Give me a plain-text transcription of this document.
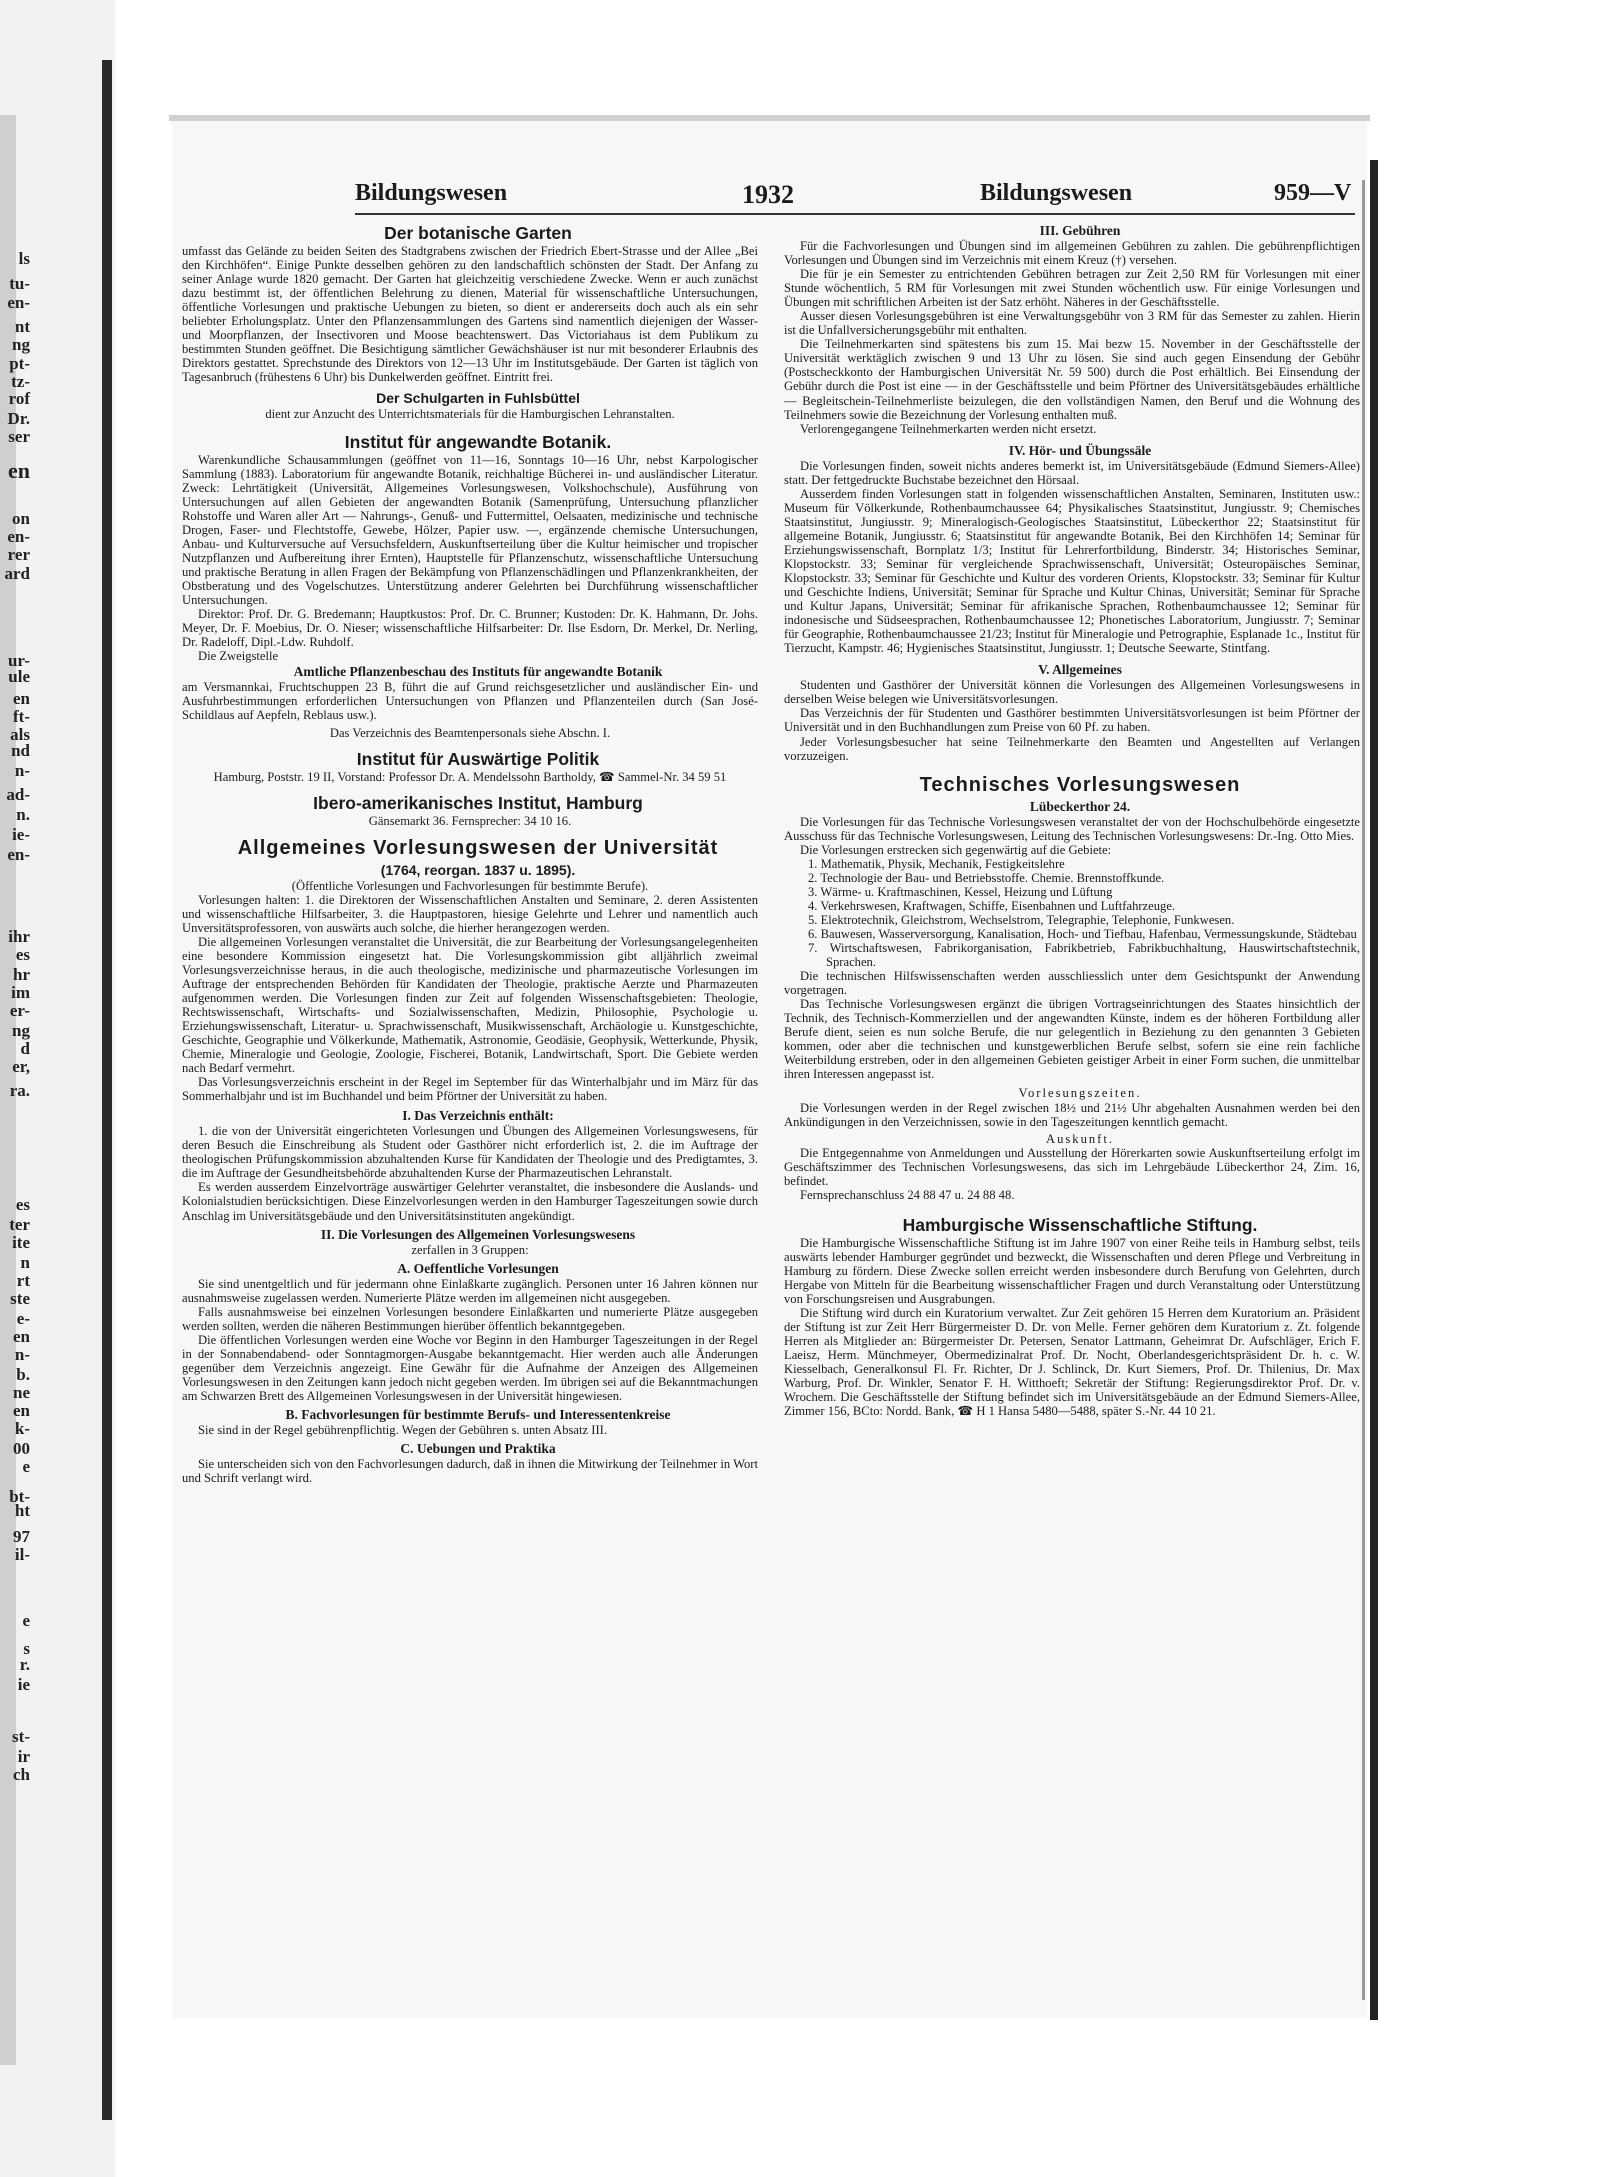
ls
tu-
en-
nt
ng
pt-
tz-
rof
Dr.
ser
en
on
en-
rer
ard
ur-
ule
en
ft-
als
nd
n-
ad-
n.
ie-
en-
ihr
es
hr
im
er-
ng
d
er,
ra.
es
ter
ite
n
rt
ste
e-
en
n-
b.
ne
en
k-
00
e
bt-
ht
97
il-
e
s
r.
ie
st-
ir
ch
Bildungswesen	1932	Bildungswesen	959—V

Der botanische Garten

umfasst das Gelände zu beiden Seiten des Stadtgrabens zwischen der Friedrich Ebert-Strasse und der Allee „Bei den Kirchhöfen“. Einige Punkte desselben gehören zu den landschaftlich schönsten der Stadt. Der Anfang zu seiner Anlage wurde 1820 gemacht. Der Garten hat gleichzeitig verschiedene Zwecke. Wenn er auch zunächst dazu bestimmt ist, der öffentlichen Belehrung zu dienen, Material für wissenschaftliche Untersuchungen, öffentliche Vorlesungen und praktische Uebungen zu bieten, so dient er andererseits doch auch als ein sehr beliebter Erholungsplatz. Unter den Pflanzensammlungen des Gartens sind namentlich diejenigen der Wasser- und Moorpflanzen, der Insectivoren und Moose beachtenswert. Das Victoriahaus ist dem Publikum zu bestimmten Stunden geöffnet. Die Besichtigung sämtlicher Gewächshäuser ist nur mit besonderer Erlaubnis des Direktors gestattet. Sprechstunde des Direktors von 12—13 Uhr im Institutsgebäude. Der Garten ist täglich von Tagesanbruch (frühestens 6 Uhr) bis Dunkelwerden geöffnet. Eintritt frei.

Der Schulgarten in Fuhlsbüttel

dient zur Anzucht des Unterrichtsmaterials für die Hamburgischen Lehranstalten.

Institut für angewandte Botanik.

Warenkundliche Schausammlungen (geöffnet von 11—16, Sonntags 10—16 Uhr, nebst Karpologischer Sammlung (1883). Laboratorium für angewandte Botanik, reichhaltige Bücherei in- und ausländischer Literatur. Zweck: Lehrtätigkeit (Universität, Allgemeines Vorlesungswesen, Volkshochschule), Ausführung von Untersuchungen auf allen Gebieten der angewandten Botanik (Samenprüfung, Untersuchung pflanzlicher Rohstoffe und Waren aller Art — Nahrungs-, Genuß- und Futtermittel, Oelsaaten, medizinische und technische Drogen, Faser- und Flechtstoffe, Gewebe, Hölzer, Papier usw. —, ergänzende chemische Untersuchungen, Anbau- und Kulturversuche auf Versuchsfeldern, Auskunftserteilung über die Kultur heimischer und tropischer Nutzpflanzen und Aufbereitung ihrer Ernten), Hauptstelle für Pflanzenschutz, wissenschaftliche Untersuchung und praktische Beratung in allen Fragen der Bekämpfung von Pflanzenschädlingen und Pflanzenkrankheiten, der Obstberatung und des Vogelschutzes. Unterstützung anderer Gelehrten bei Durchführung wissenschaftlicher Untersuchungen.

Direktor: Prof. Dr. G. Bredemann; Hauptkustos: Prof. Dr. C. Brunner; Kustoden: Dr. K. Hahmann, Dr. Johs. Meyer, Dr. F. Moebius, Dr. O. Nieser; wissenschaftliche Hilfsarbeiter: Dr. Ilse Esdorn, Dr. Merkel, Dr. Nerling, Dr. Radeloff, Dipl.-Ldw. Ruhdolf.

Die Zweigstelle

Amtliche Pflanzenbeschau des Instituts für angewandte Botanik

am Versmannkai, Fruchtschuppen 23 B, führt die auf Grund reichsgesetzlicher und ausländischer Ein- und Ausfuhrbestimmungen erforderlichen Untersuchungen von Pflanzen und Pflanzenteilen durch (San José-Schildlaus auf Aepfeln, Reblaus usw.).

Das Verzeichnis des Beamtenpersonals siehe Abschn. I.

Institut für Auswärtige Politik

Hamburg, Poststr. 19 II, Vorstand: Professor Dr. A. Mendelssohn Bartholdy, ☎ Sammel-Nr. 34 59 51

Ibero-amerikanisches Institut, Hamburg

Gänsemarkt 36. Fernsprecher: 34 10 16.

Allgemeines Vorlesungswesen der Universität

(1764, reorgan. 1837 u. 1895).

(Öffentliche Vorlesungen und Fachvorlesungen für bestimmte Berufe).

Vorlesungen halten: 1. die Direktoren der Wissenschaftlichen Anstalten und Seminare, 2. deren Assistenten und wissenschaftliche Hilfsarbeiter, 3. die Hauptpastoren, hiesige Gelehrte und Lehrer und namentlich auch Unversitätsprofessoren, von auswärts auch solche, die hierher herangezogen werden.

Die allgemeinen Vorlesungen veranstaltet die Universität, die zur Bearbeitung der Vorlesungsangelegenheiten eine besondere Kommission eingesetzt hat. Die Vorlesungskommission gibt alljährlich zweimal Vorlesungsverzeichnisse heraus, in die auch theologische, medizinische und pharmazeutische Vorlesungen im Auftrage der entsprechenden Behörden für Kandidaten der Theologie, praktische Aerzte und Pharmazeuten aufgenommen werden. Die Vorlesungen finden zur Zeit auf folgenden Wissenschaftsgebieten: Theologie, Rechtswissenschaft, Wirtschafts- und Sozialwissenschaften, Medizin, Philosophie, Psychologie u. Erziehungswissenschaft, Literatur- u. Sprachwissenschaft, Musikwissenschaft, Archäologie u. Kunstgeschichte, Geschichte, Geographie und Völkerkunde, Mathematik, Astronomie, Geodäsie, Geophysik, Wetterkunde, Physik, Chemie, Mineralogie und Geologie, Zoologie, Fischerei, Botanik, Landwirtschaft, Sport. Die Gebiete werden nach Bedarf vermehrt.

Das Vorlesungsverzeichnis erscheint in der Regel im September für das Winterhalbjahr und im März für das Sommerhalbjahr und ist im Buchhandel und beim Pförtner der Universität zu haben.

I. Das Verzeichnis enthält:

1. die von der Universität eingerichteten Vorlesungen und Übungen des Allgemeinen Vorlesungswesens, für deren Besuch die Einschreibung als Student oder Gasthörer nicht erforderlich ist, 2. die im Auftrage der theologischen Prüfungskommission abzuhaltenden Kurse für Kandidaten der Theologie und des Predigtamtes, 3. die im Auftrage der Gesundheitsbehörde abzuhaltenden Kurse der Pharmazeutischen Lehranstalt.

Es werden ausserdem Einzelvorträge auswärtiger Gelehrter veranstaltet, die insbesondere die Auslands- und Kolonialstudien berücksichtigen. Diese Einzelvorlesungen werden in den Hamburger Tageszeitungen sowie durch Anschlag im Universitätsgebäude und den Universitätsinstituten angekündigt.

II. Die Vorlesungen des Allgemeinen Vorlesungswesens

zerfallen in 3 Gruppen:

A. Oeffentliche Vorlesungen

Sie sind unentgeltlich und für jedermann ohne Einlaßkarte zugänglich. Personen unter 16 Jahren können nur ausnahmsweise zugelassen werden. Numerierte Plätze werden im allgemeinen nicht ausgegeben.

Falls ausnahmsweise bei einzelnen Vorlesungen besondere Einlaßkarten und numerierte Plätze ausgegeben werden sollten, werden die näheren Bestimmungen hierüber öffentlich bekanntgegeben.

Die öffentlichen Vorlesungen werden eine Woche vor Beginn in den Hamburger Tageszeitungen in der Regel in der Sonnabendabend- oder Sonntagmorgen-Ausgabe bekanntgemacht. Hier werden auch alle Änderungen gegenüber dem Verzeichnis angezeigt. Eine Gewähr für die Aufnahme der Anzeigen des Allgemeinen Vorlesungswesen in den Zeitungen kann jedoch nicht gegeben werden. Im übrigen sei auf die Bekanntmachungen am Schwarzen Brett des Allgemeinen Vorlesungswesen in der Universität hingewiesen.

B. Fachvorlesungen für bestimmte Berufs- und Interessentenkreise

Sie sind in der Regel gebührenpflichtig. Wegen der Gebühren s. unten Absatz III.

C. Uebungen und Praktika

Sie unterscheiden sich von den Fachvorlesungen dadurch, daß in ihnen die Mitwirkung der Teilnehmer in Wort und Schrift verlangt wird.

III. Gebühren

Für die Fachvorlesungen und Übungen sind im allgemeinen Gebühren zu zahlen. Die gebührenpflichtigen Vorlesungen und Übungen sind im Verzeichnis mit einem Kreuz (†) versehen.

Die für je ein Semester zu entrichtenden Gebühren betragen zur Zeit 2,50 RM für Vorlesungen mit einer Stunde wöchentlich, 5 RM für Vorlesungen mit zwei Stunden wöchentlich usw. Für einige Vorlesungen und Übungen mit schriftlichen Arbeiten ist der Satz erhöht. Näheres in der Geschäftsstelle.

Ausser diesen Vorlesungsgebühren ist eine Verwaltungsgebühr von 3 RM für das Semester zu zahlen. Hierin ist die Unfallversicherungsgebühr mit enthalten.

Die Teilnehmerkarten sind spätestens bis zum 15. Mai bezw 15. November in der Geschäftsstelle der Universität werktäglich zwischen 9 und 13 Uhr zu lösen. Sie sind auch gegen Einsendung der Gebühr (Postscheckkonto der Hamburgischen Universität Nr. 59 500) durch die Post erhältlich. Bei Einsendung der Gebühr durch die Post ist eine — in der Geschäftsstelle und beim Pförtner des Universitätsgebäudes erhältliche — Begleitschein-Teilnehmerliste beizulegen, die den vollständigen Namen, den Beruf und die Wohnung des Teilnehmers sowie die Bezeichnung der Vorlesung enthalten muß.

Verlorengegangene Teilnehmerkarten werden nicht ersetzt.

IV. Hör- und Übungssäle

Die Vorlesungen finden, soweit nichts anderes bemerkt ist, im Universitätsgebäude (Edmund Siemers-Allee) statt. Der fettgedruckte Buchstabe bezeichnet den Hörsaal.

Ausserdem finden Vorlesungen statt in folgenden wissenschaftlichen Anstalten, Seminaren, Instituten usw.: Museum für Völkerkunde, Rothenbaumchaussee 64; Physikalisches Staatsinstitut, Jungiusstr. 9; Chemisches Staatsinstitut, Jungiusstr. 9; Mineralogisch-Geologisches Staatsinstitut, Lübeckerthor 22; Staatsinstitut für allgemeine Botanik, Jungiusstr. 6; Staatsinstitut für angewandte Botanik, Bei den Kirchhöfen 14; Seminar für Erziehungswissenschaft, Bornplatz 1/3; Institut für Lehrerfortbildung, Binderstr. 34; Historisches Seminar, Klopstockstr. 33; Seminar für vergleichende Sprachwissenschaft, Universität; Osteuropäisches Seminar, Klopstockstr. 33; Seminar für Geschichte und Kultur des vorderen Orients, Klopstockstr. 33; Seminar für Kultur und Geschichte Indiens, Universität; Seminar für Sprache und Kultur Chinas, Universität; Seminar für Sprache und Kultur Japans, Universität; Seminar für afrikanische Sprachen, Rothenbaumchaussee 12; Seminar für indonesische und Südseesprachen, Rothenbaumchaussee 12; Phonetisches Laboratorium, Jungiusstr. 7; Seminar für Geographie, Rothenbaumchaussee 21/23; Institut für Mineralogie und Petrographie, Esplanade 1c., Institut für Tierzucht, Kampstr. 46; Hygienisches Staatsinstitut, Jungiusstr. 1; Deutsche Seewarte, Stintfang.

V. Allgemeines

Studenten und Gasthörer der Universität können die Vorlesungen des Allgemeinen Vorlesungswesens in derselben Weise belegen wie Universitätsvorlesungen.

Das Verzeichnis der für Studenten und Gasthörer bestimmten Universitätsvorlesungen ist beim Pförtner der Universität und in den Buchhandlungen zum Preise von 60 Pf. zu haben.

Jeder Vorlesungsbesucher hat seine Teilnehmerkarte den Beamten und Angestellten auf Verlangen vorzuzeigen.

Technisches Vorlesungswesen

Lübeckerthor 24.

Die Vorlesungen für das Technische Vorlesungswesen veranstaltet der von der Hochschulbehörde eingesetzte Ausschuss für das Technische Vorlesungswesen, Leitung des Technischen Vorlesungswesens: Dr.-Ing. Otto Mies.

Die Vorlesungen erstrecken sich gegenwärtig auf die Gebiete:

1. Mathematik, Physik, Mechanik, Festigkeitslehre
2. Technologie der Bau- und Betriebsstoffe. Chemie. Brennstoffkunde.
3. Wärme- u. Kraftmaschinen, Kessel, Heizung und Lüftung
4. Verkehrswesen, Kraftwagen, Schiffe, Eisenbahnen und Luftfahrzeuge.
5. Elektrotechnik, Gleichstrom, Wechselstrom, Telegraphie, Telephonie, Funkwesen.
6. Bauwesen, Wasserversorgung, Kanalisation, Hoch- und Tiefbau, Hafenbau, Vermessungskunde, Städtebau
7. Wirtschaftswesen, Fabrikorganisation, Fabrikbetrieb, Fabrikbuchhaltung, Hauswirtschaftstechnik, Sprachen.

Die technischen Hilfswissenschaften werden ausschliesslich unter dem Gesichtspunkt der Anwendung vorgetragen.

Das Technische Vorlesungswesen ergänzt die übrigen Vortragseinrichtungen des Staates hinsichtlich der Technik, des Technisch-Kommerziellen und der angewandten Künste, indem es der höheren Fortbildung aller Berufe dient, seien es nun solche Berufe, die nur gelegentlich in Beziehung zu den genannten 3 Gebieten kommen, oder aber die technischen und kunstgewerblichen Berufe selbst, sofern sie eine rein fachliche Weiterbildung erstreben, oder in den allgemeinen Gebieten geistiger Arbeit in einer Form suchen, die unmittelbar ihren Interessen angepasst ist.

Vorlesungszeiten.

Die Vorlesungen werden in der Regel zwischen 18½ und 21½ Uhr abgehalten Ausnahmen werden bei den Ankündigungen in den Verzeichnissen, sowie in den Tageszeitungen kenntlich gemacht.

Auskunft.

Die Entgegennahme von Anmeldungen und Ausstellung der Hörerkarten sowie Auskunftserteilung erfolgt im Geschäftszimmer des Technischen Vorlesungswesens, das sich im Lehrgebäude Lübeckerthor 24, Zim. 16, befindet.

Fernsprechanschluss 24 88 47 u. 24 88 48.

Hamburgische Wissenschaftliche Stiftung.

Die Hamburgische Wissenschaftliche Stiftung ist im Jahre 1907 von einer Reihe teils in Hamburg selbst, teils auswärts lebender Hamburger gegründet und bezweckt, die Wissenschaften und deren Pflege und Verbreitung in Hamburg zu fördern. Diese Zwecke sollen erreicht werden insbesondere durch Berufung von Gelehrten, durch Hergabe von Mitteln für die Bearbeitung wissenschaftlicher Fragen und durch Veranstaltung oder Unterstützung von Forschungsreisen und Ausgrabungen.

Die Stiftung wird durch ein Kuratorium verwaltet. Zur Zeit gehören 15 Herren dem Kuratorium an. Präsident der Stiftung ist zur Zeit Herr Bürgermeister D. Dr. von Melle. Ferner gehören dem Kuratorium z. Zt. folgende Herren als Mitglieder an: Bürgermeister Dr. Petersen, Senator Lattmann, Geheimrat Dr. Aufschläger, Erich F. Laeisz, Herm. Münchmeyer, Obermedizinalrat Prof. Dr. Nocht, Oberlandesgerichtspräsident Dr. h. c. W. Kiesselbach, Generalkonsul Fl. Fr. Richter, Dr J. Schlinck, Dr. Kurt Siemers, Prof. Dr. Thilenius, Dr. Max Warburg, Prof. Dr. Winkler, Senator F. H. Witthoeft; Sekretär der Stiftung: Regierungsdirektor Prof. Dr. v. Wrochem. Die Geschäftsstelle der Stiftung befindet sich im Universitätsgebäude an der Edmund Siemers-Allee, Zimmer 156, BCto: Nordd. Bank, ☎ H 1 Hansa 5480—5488, später S.-Nr. 44 10 21.
